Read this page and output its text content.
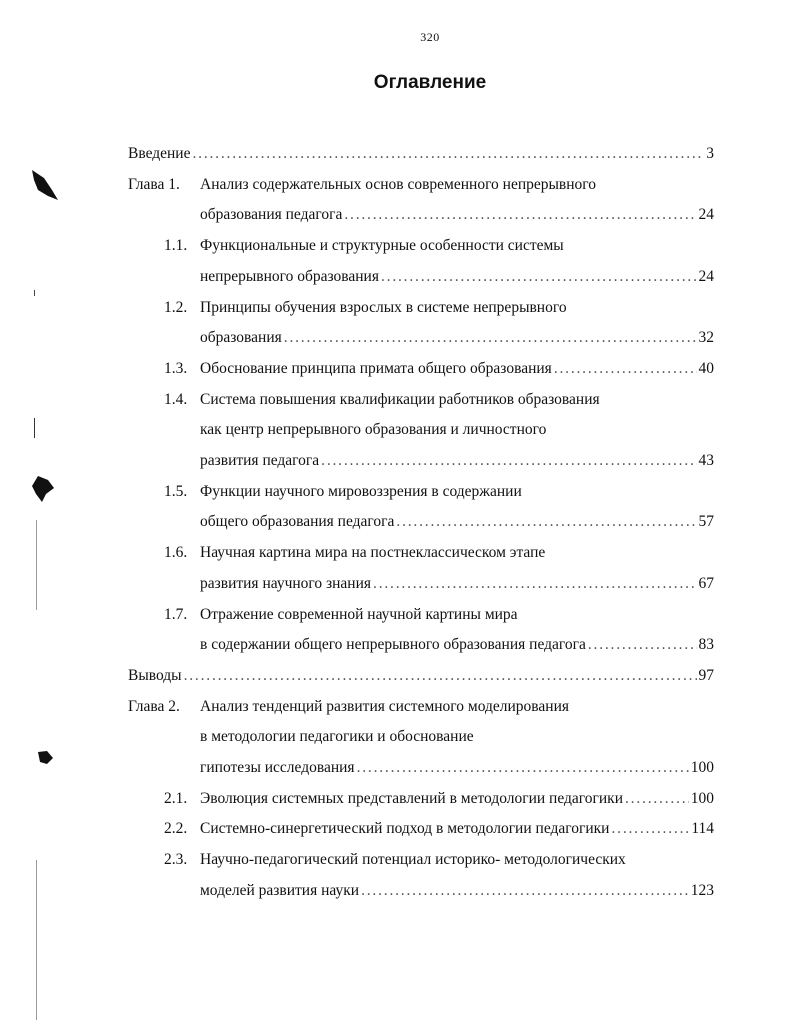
320
Оглавление
Введение .....	3
Глава 1. Анализ содержательных основ современного непрерывного
образования педагога .....	24
1.1. Функциональные и структурные особенности системы
непрерывного образования .....	24
1.2. Принципы обучения взрослых в системе непрерывного
образования .....	32
1.3. Обоснование принципа примата общего образования .....	40
1.4. Система повышения квалификации работников образования
как центр непрерывного образования и личностного
развития педагога .....	43
1.5. Функции научного мировоззрения в содержании
общего образования педагога .....	57
1.6. Научная картина мира на постнеклассическом этапе
развития научного знания .....	67
1.7. Отражение современной научной картины мира
в содержании общего непрерывного образования педагога .....	83
Выводы .....	97
Глава 2. Анализ тенденций развития системного моделирования
в методологии педагогики и обоснование
гипотезы исследования .....	100
2.1. Эволюция системных представлений в методологии педагогики .....	100
2.2. Системно-синергетический подход в методологии педагогики .....	114
2.3. Научно-педагогический потенциал историко- методологических
моделей развития науки .....	123
